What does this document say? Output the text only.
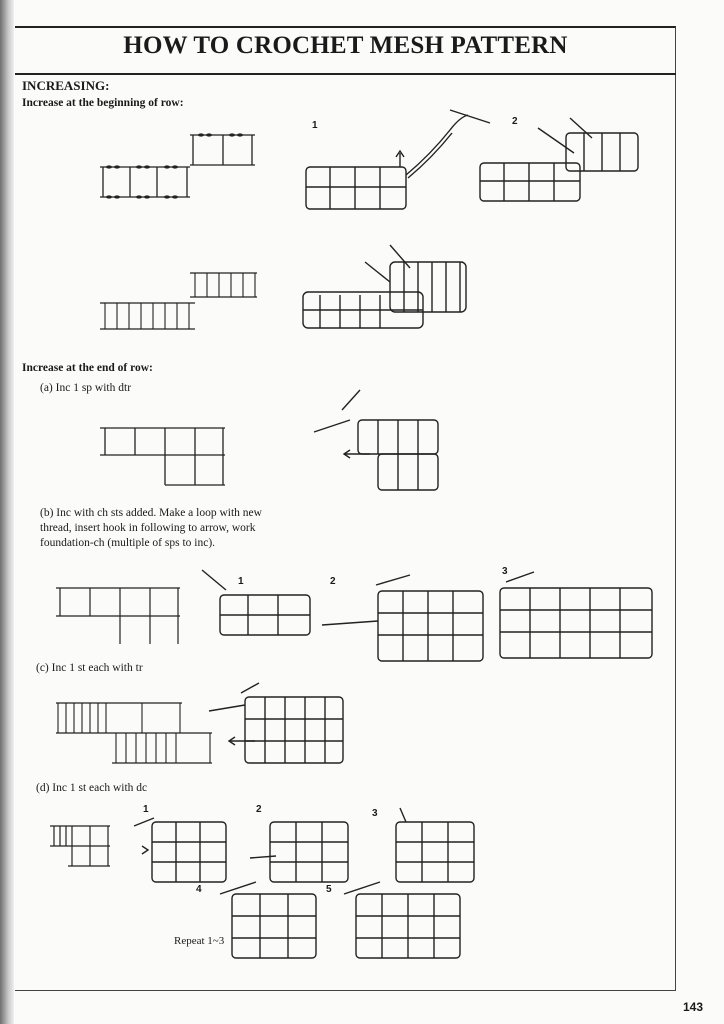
HOW TO CROCHET MESH PATTERN
INCREASING:
Increase at the beginning of row:
1	2
Increase at the end of row:
(a) Inc 1 sp with dtr
(b) Inc with ch sts added. Make a loop with new
thread, insert hook in following to arrow, work
foundation-ch (multiple of sps to inc).
1	2
3
(c) Inc 1 st each with tr
(d) Inc 1 st each with dc
1	2	3
4	5
Repeat 1~3
143
